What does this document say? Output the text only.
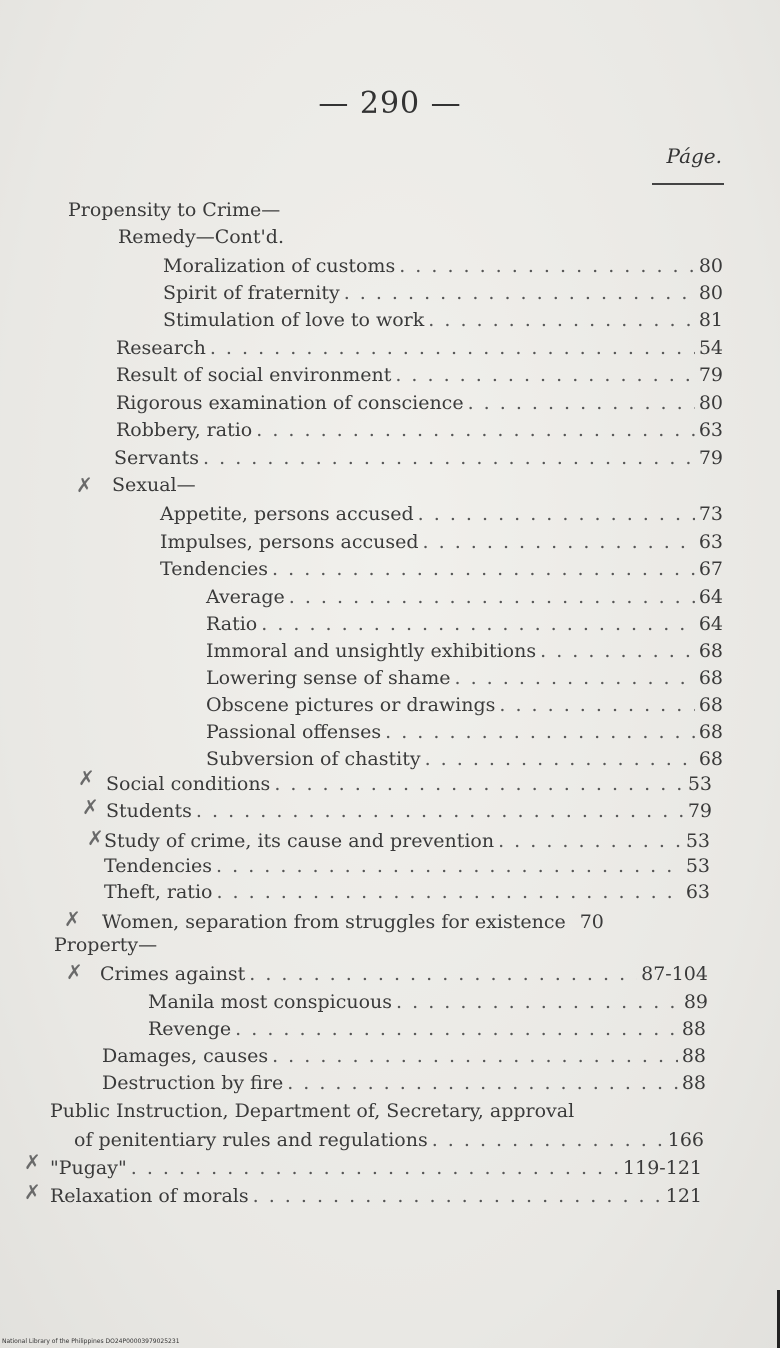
— 290 —
Páge.
Propensity to Crime—
Remedy—Cont'd.
Moralization of customs . . .	80
Spirit of fraternity . . .	80
Stimulation of love to work . . .	81
Research . . .	54
Result of social environment . . .	79
Rigorous examination of conscience . . .	80
Robbery, ratio . . .	63
Servants . . .	79
✗ Sexual—
Appetite, persons accused . . .	73
Impulses, persons accused . . .	63
Tendencies . . .	67
Average . . .	64
Ratio . . .	64
Immoral and unsightly exhibitions . . .	68
Lowering sense of shame . . .	68
Obscene pictures or drawings . . .	68
Passional offenses . . .	68
Subversion of chastity . . .	68
✗ Social conditions . . .	53
✗ Students . . .	79
✗ Study of crime, its cause and prevention . . .	53
Tendencies . . .	53
Theft, ratio . . .	63
✗ Women, separation from struggles for existence 70
Property—
✗ Crimes against . . .	87-104
Manila most conspicuous . . .	89
Revenge . . .	88
Damages, causes . . .	88
Destruction by fire . . .	88
Public Instruction, Department of, Secretary, approval
of penitentiary rules and regulations . . .	166
✗ "Pugay" . . .	119-121
✗ Relaxation of morals . . .	121
National Library of the Philippines DO24P00003979025231
